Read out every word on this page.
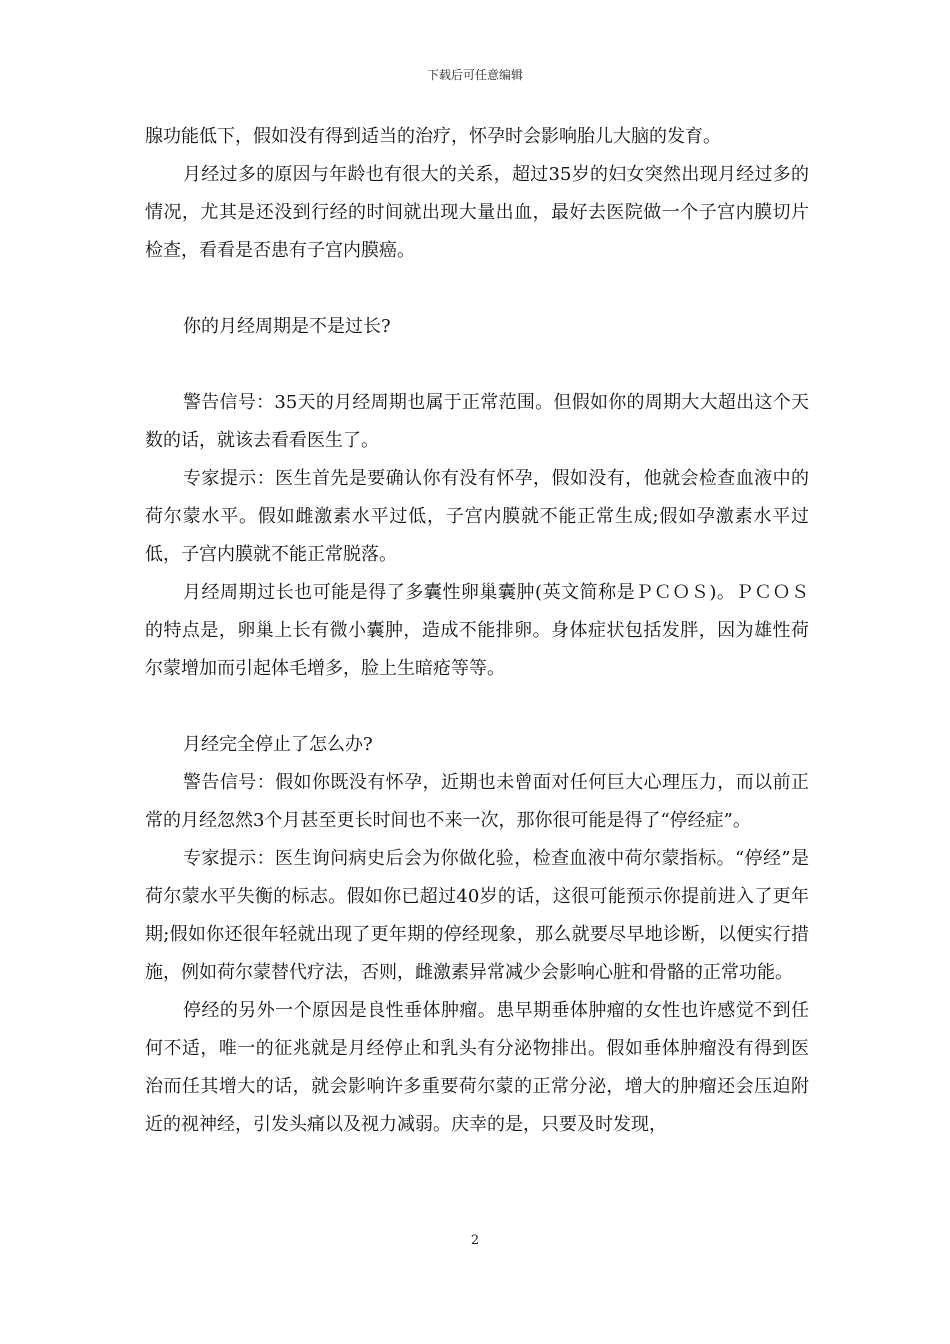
下载后可任意编辑

腺功能低下，假如没有得到适当的治疗，怀孕时会影响胎儿大脑的发育。

月经过多的原因与年龄也有很大的关系，超过35岁的妇女突然出现月经过多的情况，尤其是还没到行经的时间就出现大量出血，最好去医院做一个子宫内膜切片检查，看看是否患有子宫内膜癌。

你的月经周期是不是过长?

警告信号：35天的月经周期也属于正常范围。但假如你的周期大大超出这个天数的话，就该去看看医生了。

专家提示：医生首先是要确认你有没有怀孕，假如没有，他就会检查血液中的荷尔蒙水平。假如雌激素水平过低，子宫内膜就不能正常生成;假如孕激素水平过低，子宫内膜就不能正常脱落。

月经周期过长也可能是得了多囊性卵巢囊肿(英文简称是ＰＣＯＳ)。ＰＣＯＳ的特点是，卵巢上长有微小囊肿，造成不能排卵。身体症状包括发胖，因为雄性荷尔蒙增加而引起体毛增多，脸上生暗疮等等。

月经完全停止了怎么办?

警告信号：假如你既没有怀孕，近期也未曾面对任何巨大心理压力，而以前正常的月经忽然3个月甚至更长时间也不来一次，那你很可能是得了“停经症”。

专家提示：医生询问病史后会为你做化验，检查血液中荷尔蒙指标。“停经”是荷尔蒙水平失衡的标志。假如你已超过40岁的话，这很可能预示你提前进入了更年期;假如你还很年轻就出现了更年期的停经现象，那么就要尽早地诊断，以便实行措施，例如荷尔蒙替代疗法，否则，雌激素异常减少会影响心脏和骨骼的正常功能。

停经的另外一个原因是良性垂体肿瘤。患早期垂体肿瘤的女性也许感觉不到任何不适，唯一的征兆就是月经停止和乳头有分泌物排出。假如垂体肿瘤没有得到医治而任其增大的话，就会影响许多重要荷尔蒙的正常分泌，增大的肿瘤还会压迫附近的视神经，引发头痛以及视力减弱。庆幸的是，只要及时发现，

2
